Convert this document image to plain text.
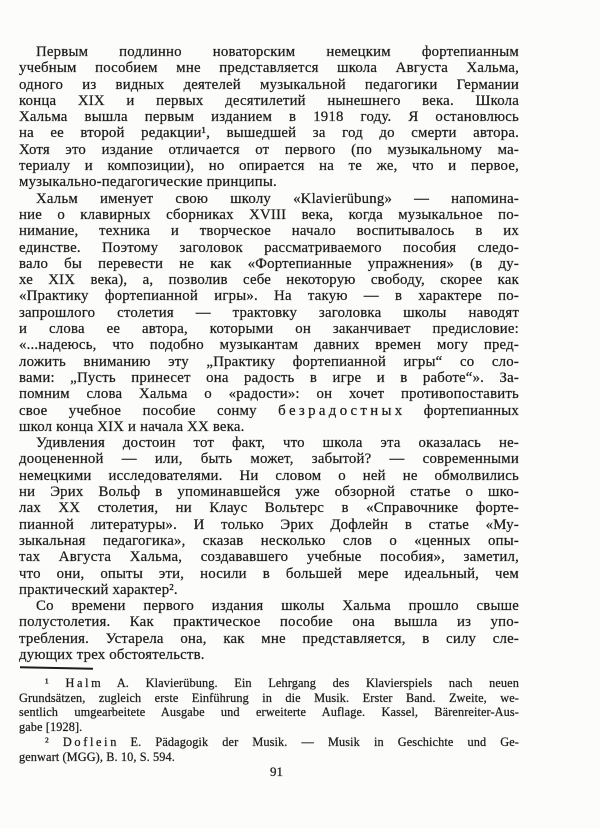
Первым подлинно новаторским немецким фортепианным
учебным пособием мне представляется школа Августа Хальма,
одного из видных деятелей музыкальной педагогики Германии
конца XIX и первых десятилетий нынешнего века. Школа
Хальма вышла первым изданием в 1918 году. Я остановлюсь
на ее второй редакции¹, вышедшей за год до смерти автора.
Хотя это издание отличается от первого (по музыкальному ма-
териалу и композиции), но опирается на те же, что и первое,
музыкально-педагогические принципы.
Хальм именует свою школу «Klavierübung» — напомина-
ние о клавирных сборниках XVIII века, когда музыкальное по-
нимание, техника и творческое начало воспитывалось в их
единстве. Поэтому заголовок рассматриваемого пособия следо-
вало бы перевести не как «Фортепианные упражнения» (в ду-
хе XIX века), а, позволив себе некоторую свободу, скорее как
«Практику фортепианной игры». На такую — в характере по-
запрошлого столетия — трактовку заголовка школы наводят
и слова ее автора, которыми он заканчивает предисловие:
«...надеюсь, что подобно музыкантам давних времен могу пред-
ложить вниманию эту „Практику фортепианной игры“ со сло-
вами: „Пусть принесет она радость в игре и в работе“». За-
помним слова Хальма о «радости»: он хочет противопоставить
свое учебное пособие сонму б е з р а д о с т н ы х фортепианных
школ конца XIX и начала XX века.
Удивления достоин тот факт, что школа эта оказалась не-
дооцененной — или, быть может, забытой? — современными
немецкими исследователями. Ни словом о ней не обмолвились
ни Эрих Вольф в упоминавшейся уже обзорной статье о шко-
лах XX столетия, ни Клаус Вольтерс в «Справочнике форте-
пианной литературы». И только Эрих Дофлейн в статье «Му-
зыкальная педагогика», сказав несколько слов о «ценных опы-
тах Августа Хальма, создававшего учебные пособия», заметил,
что они, опыты эти, носили в большей мере идеальный, чем
практический характер².
Со времени первого издания школы Хальма прошло свыше
полустолетия. Как практическое пособие она вышла из упо-
требления. Устарела она, как мне представляется, в силу сле-
дующих трех обстоятельств.
¹ H a l m A. Klavierübung. Ein Lehrgang des Klavierspiels nach neuen
Grundsätzen, zugleich erste Einführung in die Musik. Erster Band. Zweite, we-
sentlich umgearbeitete Ausgabe und erweiterte Auflage. Kassel, Bärenreiter-Aus-
gabe [1928].
² D o f l e i n E. Pädagogik der Musik. — Musik in Geschichte und Ge-
genwart (MGG), B. 10, S. 594.
91
